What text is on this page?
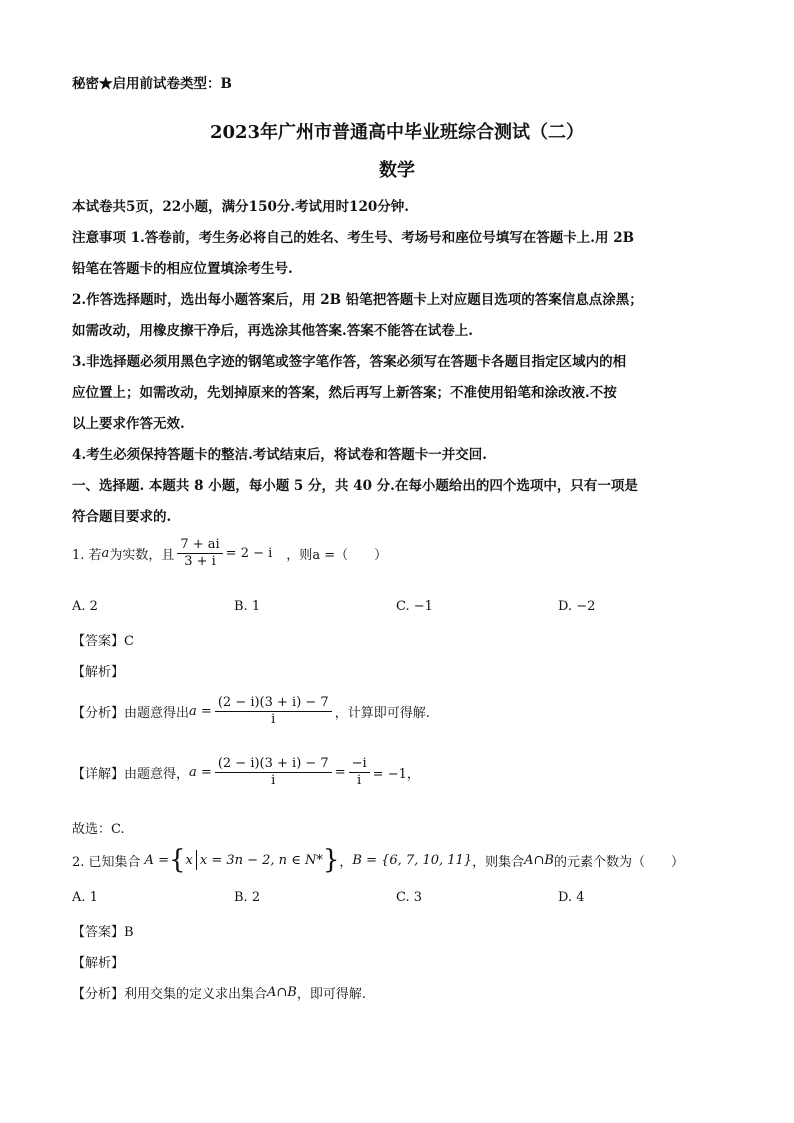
秘密★启用前试卷类型：B
2023年广州市普通高中毕业班综合测试（二）
数学
本试卷共5页，22小题，满分150分.考试用时120分钟.
注意事项 1.答卷前，考生务必将自己的姓名、考生号、考场号和座位号填写在答题卡上.用 2B
铅笔在答题卡的相应位置填涂考生号.
2.作答选择题时，选出每小题答案后，用 2B 铅笔把答题卡上对应题目选项的答案信息点涂黑；
如需改动，用橡皮擦干净后，再选涂其他答案.答案不能答在试卷上.
3.非选择题必须用黑色字迹的钢笔或签字笔作答，答案必须写在答题卡各题目指定区域内的相
应位置上；如需改动，先划掉原来的答案，然后再写上新答案；不准使用铅笔和涂改液.不按
以上要求作答无效.
4.考生必须保持答题卡的整洁.考试结束后，将试卷和答题卡一并交回.
一、选择题. 本题共 8 小题，每小题 5 分，共 40 分.在每小题给出的四个选项中，只有一项是
符合题目要求的.
1. 若 a 为实数，且 $\frac{7 + ai}{3 + i} = 2 - i$ ，则 a =（　　）
A. 2	B. 1	C. −1	D. −2
【答案】C
【解析】
【分析】 由题意得出 $a = \frac{(2 - i)(3 + i) - 7}{i}$ ，计算即可得解.
【详解】 由题意得， $a = \frac{(2 - i)(3 + i) - 7}{i} = \frac{-i}{i} = -1$，
故选：C.
2. 已知集合 A = { x x = 3n − 2, n ∈ N* } ， B = {6, 7, 10, 11} ，则集合 A∩B 的元素个数为（　　）
A. 1	B. 2	C. 3	D. 4
【答案】B
【解析】
【分析】 利用交集的定义求出集合 A∩B ，即可得解.
